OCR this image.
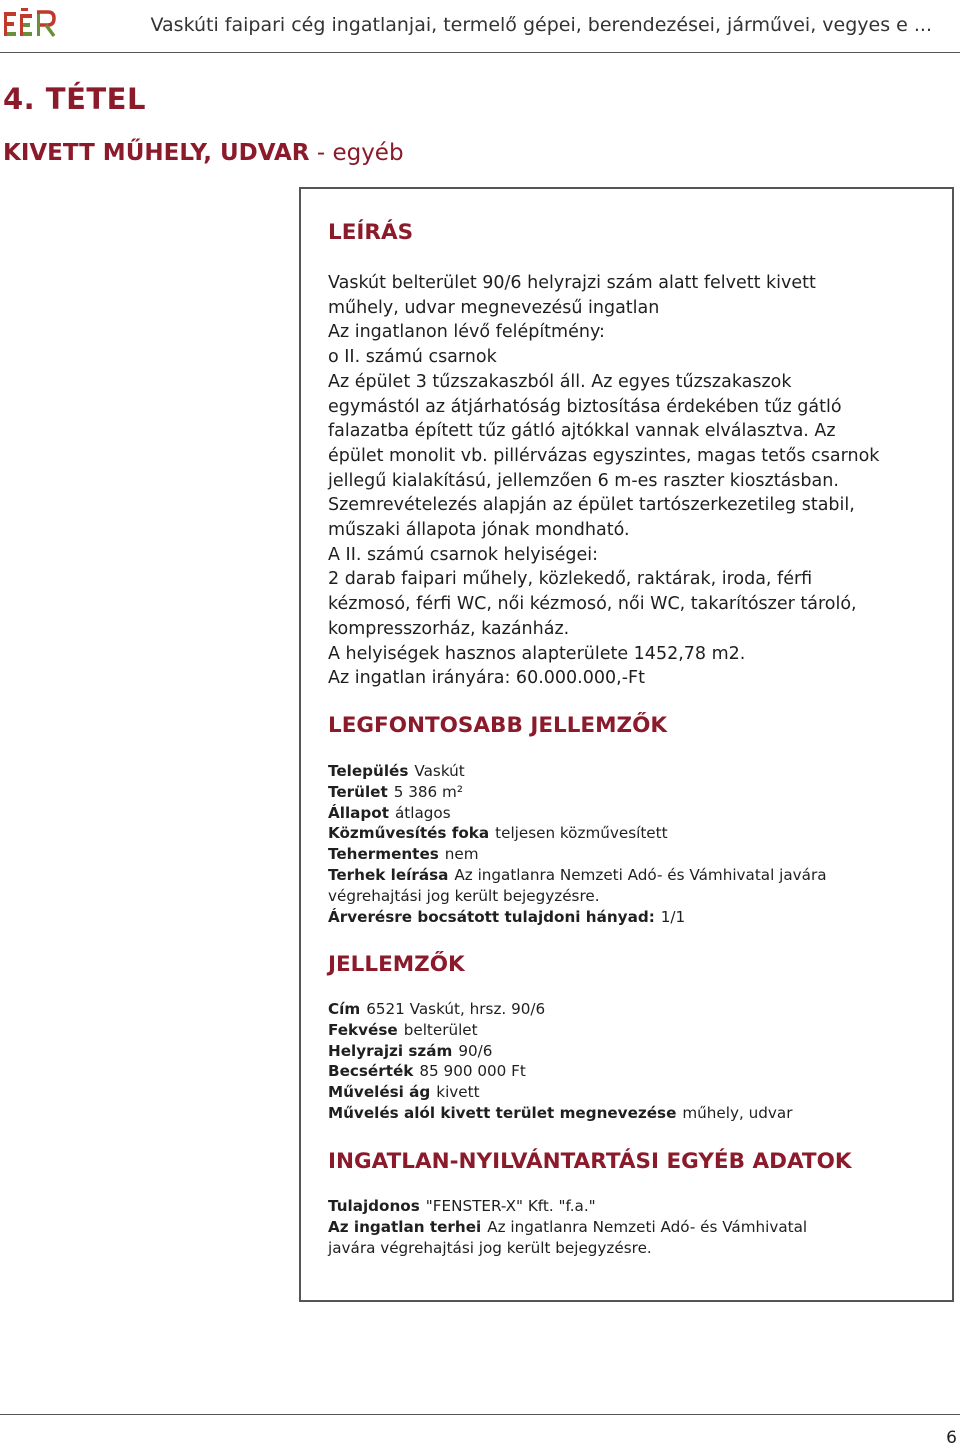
Vaskúti faipari cég ingatlanjai, termelő gépei, berendezései, járművei, vegyes e ...
4. TÉTEL
KIVETT MŰHELY, UDVAR - egyéb
LEÍRÁS
Vaskút belterület 90/6 helyrajzi szám alatt felvett kivett
műhely, udvar megnevezésű ingatlan
Az ingatlanon lévő felépítmény:
o II. számú csarnok
Az épület 3 tűzszakaszból áll. Az egyes tűzszakaszok
egymástól az átjárhatóság biztosítása érdekében tűz gátló
falazatba épített tűz gátló ajtókkal vannak elválasztva. Az
épület monolit vb. pillérvázas egyszintes, magas tetős csarnok
jellegű kialakítású, jellemzően 6 m-es raszter kiosztásban.
Szemrevételezés alapján az épület tartószerkezetileg stabil,
műszaki állapota jónak mondható.
A II. számú csarnok helyiségei:
2 darab faipari műhely, közlekedő, raktárak, iroda, férfi
kézmosó, férfi WC, női kézmosó, női WC, takarítószer tároló,
kompresszorház, kazánház.
A helyiségek hasznos alapterülete 1452,78 m2.
Az ingatlan irányára: 60.000.000,-Ft
LEGFONTOSABB JELLEMZŐK
Település Vaskút
Terület 5 386 m²
Állapot átlagos
Közművesítés foka teljesen közművesített
Tehermentes nem
Terhek leírása Az ingatlanra Nemzeti Adó- és Vámhivatal javára végrehajtási jog került bejegyzésre.
Árverésre bocsátott tulajdoni hányad: 1/1
JELLEMZŐK
Cím 6521 Vaskút, hrsz. 90/6
Fekvése belterület
Helyrajzi szám 90/6
Becsérték 85 900 000 Ft
Művelési ág kivett
Művelés alól kivett terület megnevezése műhely, udvar
INGATLAN-NYILVÁNTARTÁSI EGYÉB ADATOK
Tulajdonos "FENSTER-X" Kft. "f.a."
Az ingatlan terhei Az ingatlanra Nemzeti Adó- és Vámhivatal javára végrehajtási jog került bejegyzésre.
6
